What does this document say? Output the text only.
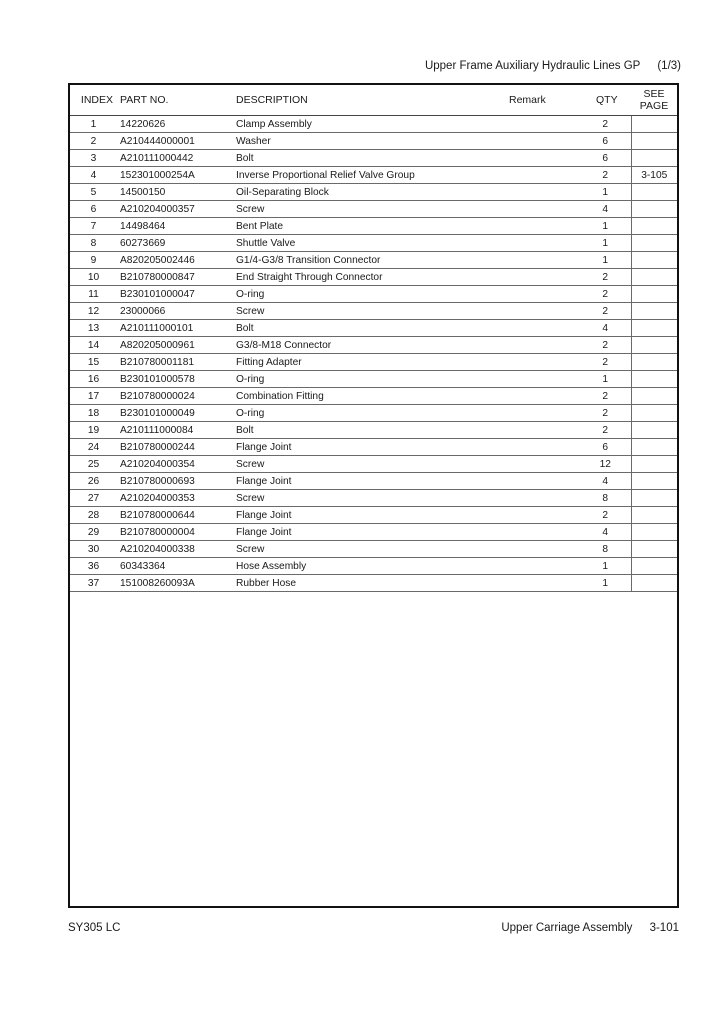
Upper Frame Auxiliary Hydraulic Lines GP (1/3)
INDEX	PART NO.	DESCRIPTION	Remark	QTY	SEE
PAGE
1	14220626	Clamp Assembly		2	
2	A210444000001	Washer		6	
3	A210111000442	Bolt		6	
4	152301000254A	Inverse Proportional Relief Valve Group		2	3-105
5	14500150	Oil-Separating Block		1	
6	A210204000357	Screw		4	
7	14498464	Bent Plate		1	
8	60273669	Shuttle Valve		1	
9	A820205002446	G1/4-G3/8 Transition Connector		1	
10	B210780000847	End Straight Through Connector		2	
11	B230101000047	O-ring		2	
12	23000066	Screw		2	
13	A210111000101	Bolt		4	
14	A820205000961	G3/8-M18 Connector		2	
15	B210780001181	Fitting Adapter		2	
16	B230101000578	O-ring		1	
17	B210780000024	Combination Fitting		2	
18	B230101000049	O-ring		2	
19	A210111000084	Bolt		2	
24	B210780000244	Flange Joint		6	
25	A210204000354	Screw		12	
26	B210780000693	Flange Joint		4	
27	A210204000353	Screw		8	
28	B210780000644	Flange Joint		2	
29	B210780000004	Flange Joint		4	
30	A210204000338	Screw		8	
36	60343364	Hose Assembly		1	
37	151008260093A	Rubber Hose		1	
SY305 LC	Upper Carriage Assembly 3-101
